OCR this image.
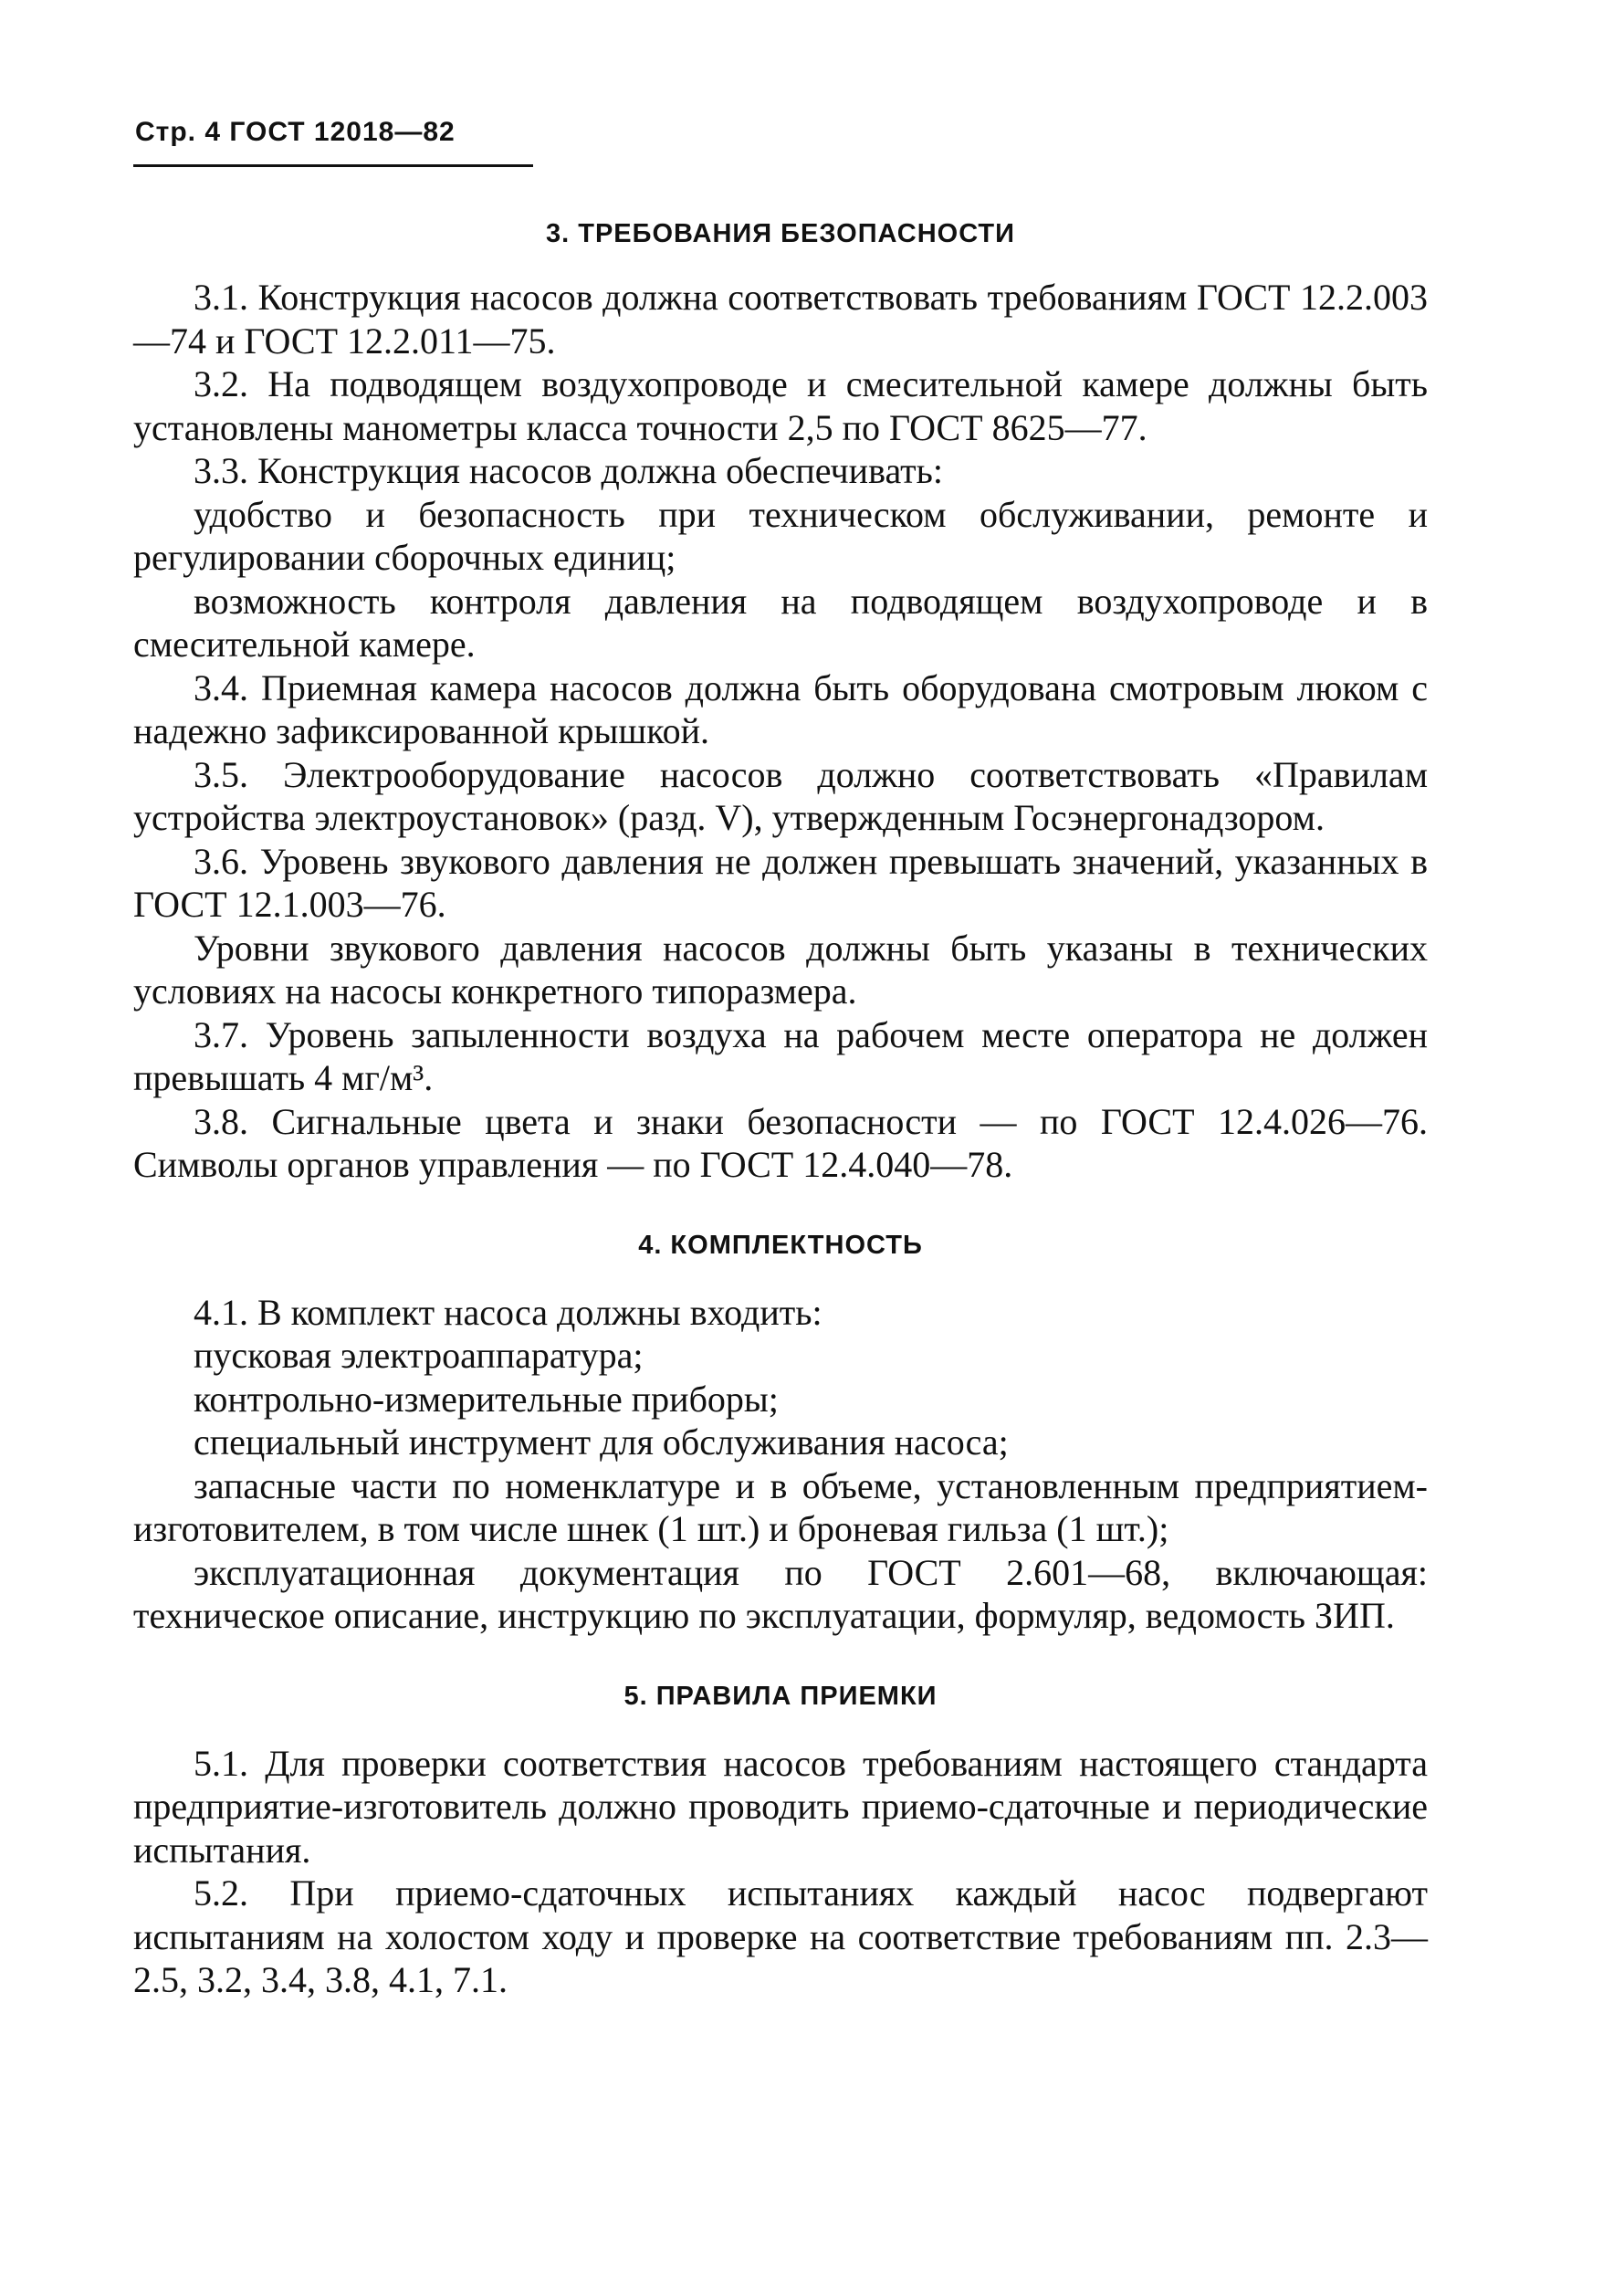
Стр. 4 ГОСТ 12018—82
3. ТРЕБОВАНИЯ БЕЗОПАСНОСТИ

3.1. Конструкция насосов должна соответствовать требованиям ГОСТ 12.2.003—74 и ГОСТ 12.2.011—75.

3.2. На подводящем воздухопроводе и смесительной камере должны быть установлены манометры класса точности 2,5 по ГОСТ 8625—77.

3.3. Конструкция насосов должна обеспечивать:

удобство и безопасность при техническом обслуживании, ремонте и регулировании сборочных единиц;

возможность контроля давления на подводящем воздухопроводе и в смесительной камере.

3.4. Приемная камера насосов должна быть оборудована смотровым люком с надежно зафиксированной крышкой.

3.5. Электрооборудование насосов должно соответствовать «Правилам устройства электроустановок» (разд. V), утвержденным Госэнергонадзором.

3.6. Уровень звукового давления не должен превышать значений, указанных в ГОСТ 12.1.003—76.

Уровни звукового давления насосов должны быть указаны в технических условиях на насосы конкретного типоразмера.

3.7. Уровень запыленности воздуха на рабочем месте оператора не должен превышать 4 мг/м³.

3.8. Сигнальные цвета и знаки безопасности — по ГОСТ 12.4.026—76. Символы органов управления — по ГОСТ 12.4.040—78.

4. КОМПЛЕКТНОСТЬ

4.1. В комплект насоса должны входить:

пусковая электроаппаратура;

контрольно-измерительные приборы;

специальный инструмент для обслуживания насоса;

запасные части по номенклатуре и в объеме, установленным предприятием-изготовителем, в том числе шнек (1 шт.) и броневая гильза (1 шт.);

эксплуатационная документация по ГОСТ 2.601—68, включающая: техническое описание, инструкцию по эксплуатации, формуляр, ведомость ЗИП.

5. ПРАВИЛА ПРИЕМКИ

5.1. Для проверки соответствия насосов требованиям настоящего стандарта предприятие-изготовитель должно проводить приемо-сдаточные и периодические испытания.

5.2. При приемо-сдаточных испытаниях каждый насос подвергают испытаниям на холостом ходу и проверке на соответствие требованиям пп. 2.3—2.5, 3.2, 3.4, 3.8, 4.1, 7.1.
